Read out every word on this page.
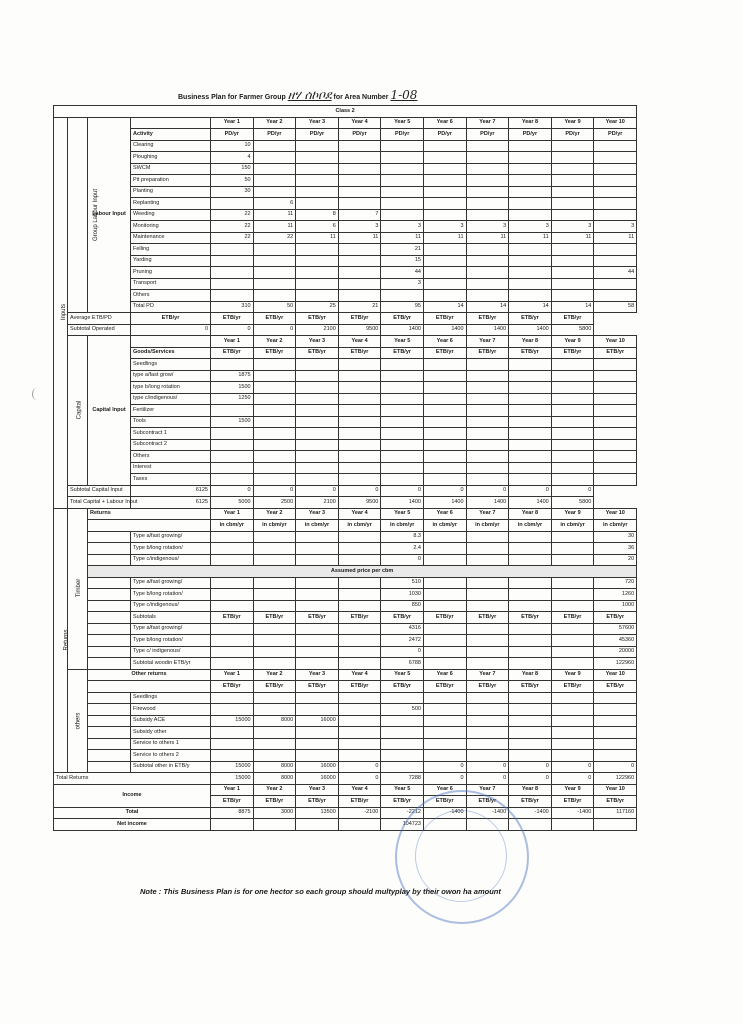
Business Plan for Farmer Group ዘሃ ሰኮቦደ for Area Number 1-08
Class 2													
Inputs	Group Labour Input	Labour Input		Year 1	Year 2	Year 3	Year 4	Year 5	Year 6	Year 7	Year 8	Year 9	Year 10
			Activity	PD/yr	PD/yr	PD/yr	PD/yr	PD/yr	PD/yr	PD/yr	PD/yr	PD/yr	PD/yr
			Clearing	10									
			Ploughing	4									
			SWCM	150									
			Pit preparation	50									
			Planting	30									
			Replanting		6								
			Weeding	22	11	8	7						
			Monitoring	22	11	6	3	3	3	3	3	3	3
			Maintenance	22	22	11	11	11	11	11	11	11	11
			Felling					21					
			Yarding					15					
			Pruning					44					44
			Transport					3					
			Others										
			Total PD	310	50	25	21	95	14	14	14	14	58
	Average ETB/PD		ETB/yr	ETB/yr	ETB/yr	ETB/yr	ETB/yr	ETB/yr	ETB/yr	ETB/yr	ETB/yr	ETB/yr	
	Subtotal Operated		0	0	0	2100	9500	1400	1400	1400	1400	5800	
	Capital	Capital Input		Year 1	Year 2	Year 3	Year 4	Year 5	Year 6	Year 7	Year 8	Year 9	Year 10
			Goods/Services	ETB/yr	ETB/yr	ETB/yr	ETB/yr	ETB/yr	ETB/yr	ETB/yr	ETB/yr	ETB/yr	ETB/yr
			Seedlings										
			type a/fast grow/	1875									
			type b/long rotation	1500									
			type c/indigenous/	1250									
			Fertilizer										
			Tools	1500									
			Subcontract 1										
			Subcontract 2										
			Others										
			Interest										
			Taxes										
	Subtotal Capital Input		6125	0	0	0	0	0	0	0	0	0	
	Total Capital + Labour Input		6125	5000	2500	2100	9500	1400	1400	1400	1400	5800	
Returns	Timber	Returns		Year 1	Year 2	Year 3	Year 4	Year 5	Year 6	Year 7	Year 8	Year 9	Year 10
				in cbm/yr	in cbm/yr	in cbm/yr	in cbm/yr	in cbm/yr	in cbm/yr	in cbm/yr	in cbm/yr	in cbm/yr	in cbm/yr
			Type a/fast growing/					8.3					30
			Type b/long rotation/					2.4					36
			Type c/indigenous/					0					20
		Assumed price per cbm											
			Type a/fast growing/					510					720
			Type b/long rotation/					1030					1260
			Type c/indigenous/					850					1000
			Subtotals	ETB/yr	ETB/yr	ETB/yr	ETB/yr	ETB/yr	ETB/yr	ETB/yr	ETB/yr	ETB/yr	ETB/yr
			Type a/fast growing/					4316					57600
			Type b/long rotation/					2472					45360
			Type c/ indigenous/					0					20000
			Subtotal woodin ETB/yr					6788					122960
	others	Other returns		Year 1	Year 2	Year 3	Year 4	Year 5	Year 6	Year 7	Year 8	Year 9	Year 10
				ETB/yr	ETB/yr	ETB/yr	ETB/yr	ETB/yr	ETB/yr	ETB/yr	ETB/yr	ETB/yr	ETB/yr
			Seedlings										
			Firewood					500					
			Subsidy ACE	15000	8000	16000							
			Subsidy other										
			Service to others 1										
			Service to others 2										
			Subtotal other in ETB/y	15000	8000	16000	0		0	0	0	0	0
Total Returns				15000	8000	16000	0	7288	0	0	0	0	122960
Income				Year 1	Year 2	Year 3	Year 4	Year 5	Year 6	Year 7	Year 8	Year 9	Year 10
				ETB/yr	ETB/yr	ETB/yr	ETB/yr	ETB/yr	ETB/yr	ETB/yr	ETB/yr	ETB/yr	ETB/yr
Total				8875	3000	13500	-2100	-2212	-1400	-1400	-1400	-1400	117160
Net income								104723					
Note : This Business Plan is for one hector so each group should multyplay by their owon ha amount
